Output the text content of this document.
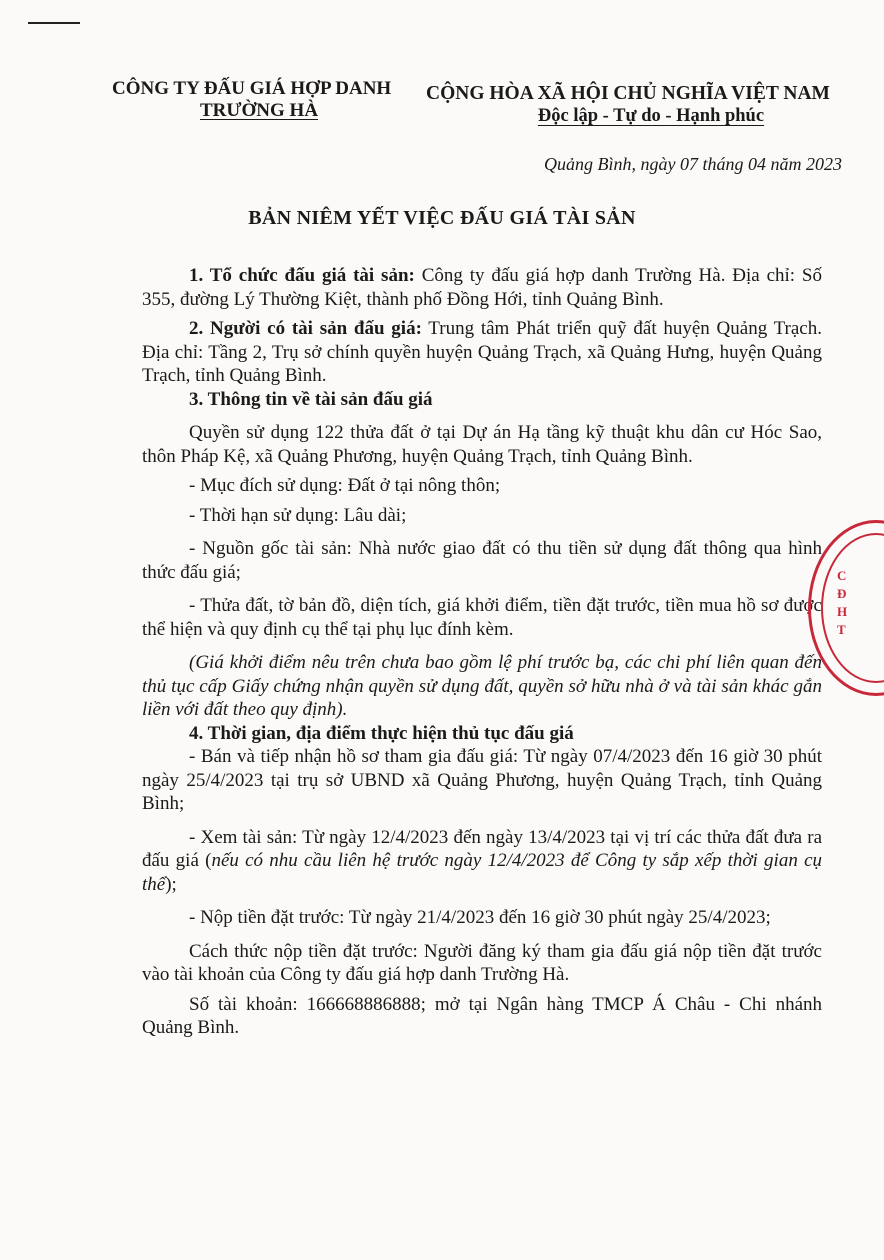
CÔNG TY ĐẤU GIÁ HỢP DANH
TRƯỜNG HÀ
CỘNG HÒA XÃ HỘI CHỦ NGHĨA VIỆT NAM
Độc lập - Tự do - Hạnh phúc
Quảng Bình, ngày 07 tháng 04 năm 2023
BẢN NIÊM YẾT VIỆC ĐẤU GIÁ TÀI SẢN

1. Tổ chức đấu giá tài sản: Công ty đấu giá hợp danh Trường Hà. Địa chỉ: Số 355, đường Lý Thường Kiệt, thành phố Đồng Hới, tỉnh Quảng Bình.

2. Người có tài sản đấu giá: Trung tâm Phát triển quỹ đất huyện Quảng Trạch. Địa chỉ: Tầng 2, Trụ sở chính quyền huyện Quảng Trạch, xã Quảng Hưng, huyện Quảng Trạch, tỉnh Quảng Bình.

3. Thông tin về tài sản đấu giá

Quyền sử dụng 122 thửa đất ở tại Dự án Hạ tầng kỹ thuật khu dân cư Hóc Sao, thôn Pháp Kệ, xã Quảng Phương, huyện Quảng Trạch, tỉnh Quảng Bình.

- Mục đích sử dụng: Đất ở tại nông thôn;

- Thời hạn sử dụng: Lâu dài;

- Nguồn gốc tài sản: Nhà nước giao đất có thu tiền sử dụng đất thông qua hình thức đấu giá;

- Thửa đất, tờ bản đồ, diện tích, giá khởi điểm, tiền đặt trước, tiền mua hồ sơ được thể hiện và quy định cụ thể tại phụ lục đính kèm.

(Giá khởi điểm nêu trên chưa bao gồm lệ phí trước bạ, các chi phí liên quan đến thủ tục cấp Giấy chứng nhận quyền sử dụng đất, quyền sở hữu nhà ở và tài sản khác gắn liền với đất theo quy định).

4. Thời gian, địa điểm thực hiện thủ tục đấu giá

- Bán và tiếp nhận hồ sơ tham gia đấu giá: Từ ngày 07/4/2023 đến 16 giờ 30 phút ngày 25/4/2023 tại trụ sở UBND xã Quảng Phương, huyện Quảng Trạch, tỉnh Quảng Bình;

- Xem tài sản: Từ ngày 12/4/2023 đến ngày 13/4/2023 tại vị trí các thửa đất đưa ra đấu giá (nếu có nhu cầu liên hệ trước ngày 12/4/2023 để Công ty sắp xếp thời gian cụ thể);

- Nộp tiền đặt trước: Từ ngày 21/4/2023 đến 16 giờ 30 phút ngày 25/4/2023;

Cách thức nộp tiền đặt trước: Người đăng ký tham gia đấu giá nộp tiền đặt trước vào tài khoản của Công ty đấu giá hợp danh Trường Hà.

Số tài khoản: 166668886888; mở tại Ngân hàng TMCP Á Châu - Chi nhánh Quảng Bình.

C
Đ
H
T
